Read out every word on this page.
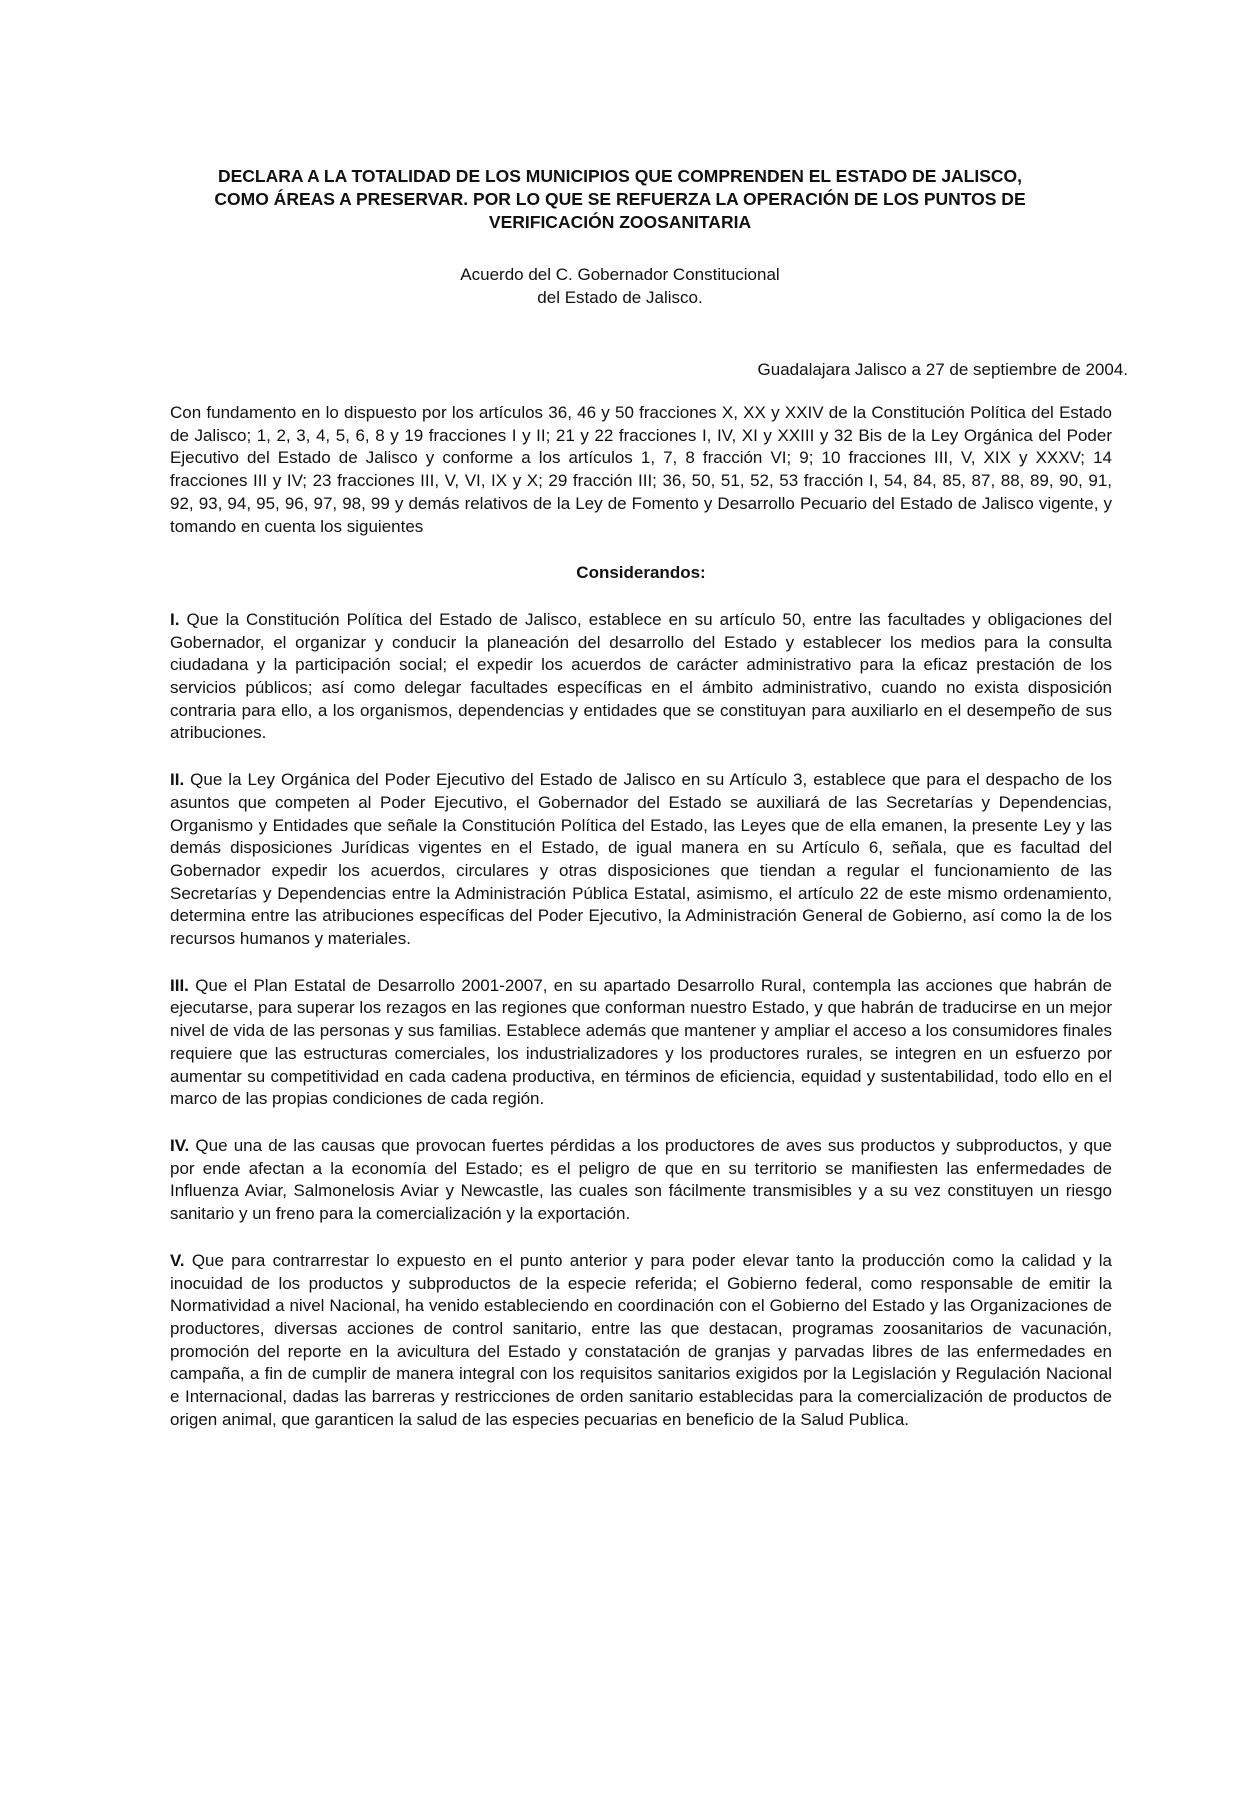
DECLARA A LA TOTALIDAD DE LOS MUNICIPIOS QUE COMPRENDEN EL ESTADO DE JALISCO,
COMO ÁREAS A PRESERVAR. POR LO QUE SE REFUERZA LA OPERACIÓN DE LOS PUNTOS DE
VERIFICACIÓN ZOOSANITARIA
Acuerdo del C. Gobernador Constitucional
del Estado de Jalisco.
Guadalajara Jalisco a 27 de septiembre de 2004.

Con fundamento en lo dispuesto por los artículos 36, 46 y 50 fracciones X, XX y XXIV de la Constitución Política del Estado de Jalisco; 1, 2, 3, 4, 5, 6, 8 y 19 fracciones I y II; 21 y 22 fracciones I, IV, XI y XXIII y 32 Bis de la Ley Orgánica del Poder Ejecutivo del Estado de Jalisco y conforme a los artículos 1, 7, 8 fracción VI; 9; 10 fracciones III, V, XIX y XXXV; 14 fracciones III y IV; 23 fracciones III, V, VI, IX y X; 29 fracción III; 36, 50, 51, 52, 53 fracción I, 54, 84, 85, 87, 88, 89, 90, 91, 92, 93, 94, 95, 96, 97, 98, 99 y demás relativos de la Ley de Fomento y Desarrollo Pecuario del Estado de Jalisco vigente, y tomando en cuenta los siguientes

Considerandos:

I. Que la Constitución Política del Estado de Jalisco, establece en su artículo 50, entre las facultades y obligaciones del Gobernador, el organizar y conducir la planeación del desarrollo del Estado y establecer los medios para la consulta ciudadana y la participación social; el expedir los acuerdos de carácter administrativo para la eficaz prestación de los servicios públicos; así como delegar facultades específicas en el ámbito administrativo, cuando no exista disposición contraria para ello, a los organismos, dependencias y entidades que se constituyan para auxiliarlo en el desempeño de sus atribuciones.

II. Que la Ley Orgánica del Poder Ejecutivo del Estado de Jalisco en su Artículo 3, establece que para el despacho de los asuntos que competen al Poder Ejecutivo, el Gobernador del Estado se auxiliará de las Secretarías y Dependencias, Organismo y Entidades que señale la Constitución Política del Estado, las Leyes que de ella emanen, la presente Ley y las demás disposiciones Jurídicas vigentes en el Estado, de igual manera en su Artículo 6, señala, que es facultad del Gobernador expedir los acuerdos, circulares y otras disposiciones que tiendan a regular el funcionamiento de las Secretarías y Dependencias entre la Administración Pública Estatal, asimismo, el artículo 22 de este mismo ordenamiento, determina entre las atribuciones específicas del Poder Ejecutivo, la Administración General de Gobierno, así como la de los recursos humanos y materiales.

III. Que el Plan Estatal de Desarrollo 2001-2007, en su apartado Desarrollo Rural, contempla las acciones que habrán de ejecutarse, para superar los rezagos en las regiones que conforman nuestro Estado, y que habrán de traducirse en un mejor nivel de vida de las personas y sus familias. Establece además que mantener y ampliar el acceso a los consumidores finales requiere que las estructuras comerciales, los industrializadores y los productores rurales, se integren en un esfuerzo por aumentar su competitividad en cada cadena productiva, en términos de eficiencia, equidad y sustentabilidad, todo ello en el marco de las propias condiciones de cada región.

IV. Que una de las causas que provocan fuertes pérdidas a los productores de aves sus productos y subproductos, y que por ende afectan a la economía del Estado; es el peligro de que en su territorio se manifiesten las enfermedades de Influenza Aviar, Salmonelosis Aviar y Newcastle, las cuales son fácilmente transmisibles y a su vez constituyen un riesgo sanitario y un freno para la comercialización y la exportación.

V. Que para contrarrestar lo expuesto en el punto anterior y para poder elevar tanto la producción como la calidad y la inocuidad de los productos y subproductos de la especie referida; el Gobierno federal, como responsable de emitir la Normatividad a nivel Nacional, ha venido estableciendo en coordinación con el Gobierno del Estado y las Organizaciones de productores, diversas acciones de control sanitario, entre las que destacan, programas zoosanitarios de vacunación, promoción del reporte en la avicultura del Estado y constatación de granjas y parvadas libres de las enfermedades en campaña, a fin de cumplir de manera integral con los requisitos sanitarios exigidos por la Legislación y Regulación Nacional e Internacional, dadas las barreras y restricciones de orden sanitario establecidas para la comercialización de productos de origen animal, que garanticen la salud de las especies pecuarias en beneficio de la Salud Publica.
